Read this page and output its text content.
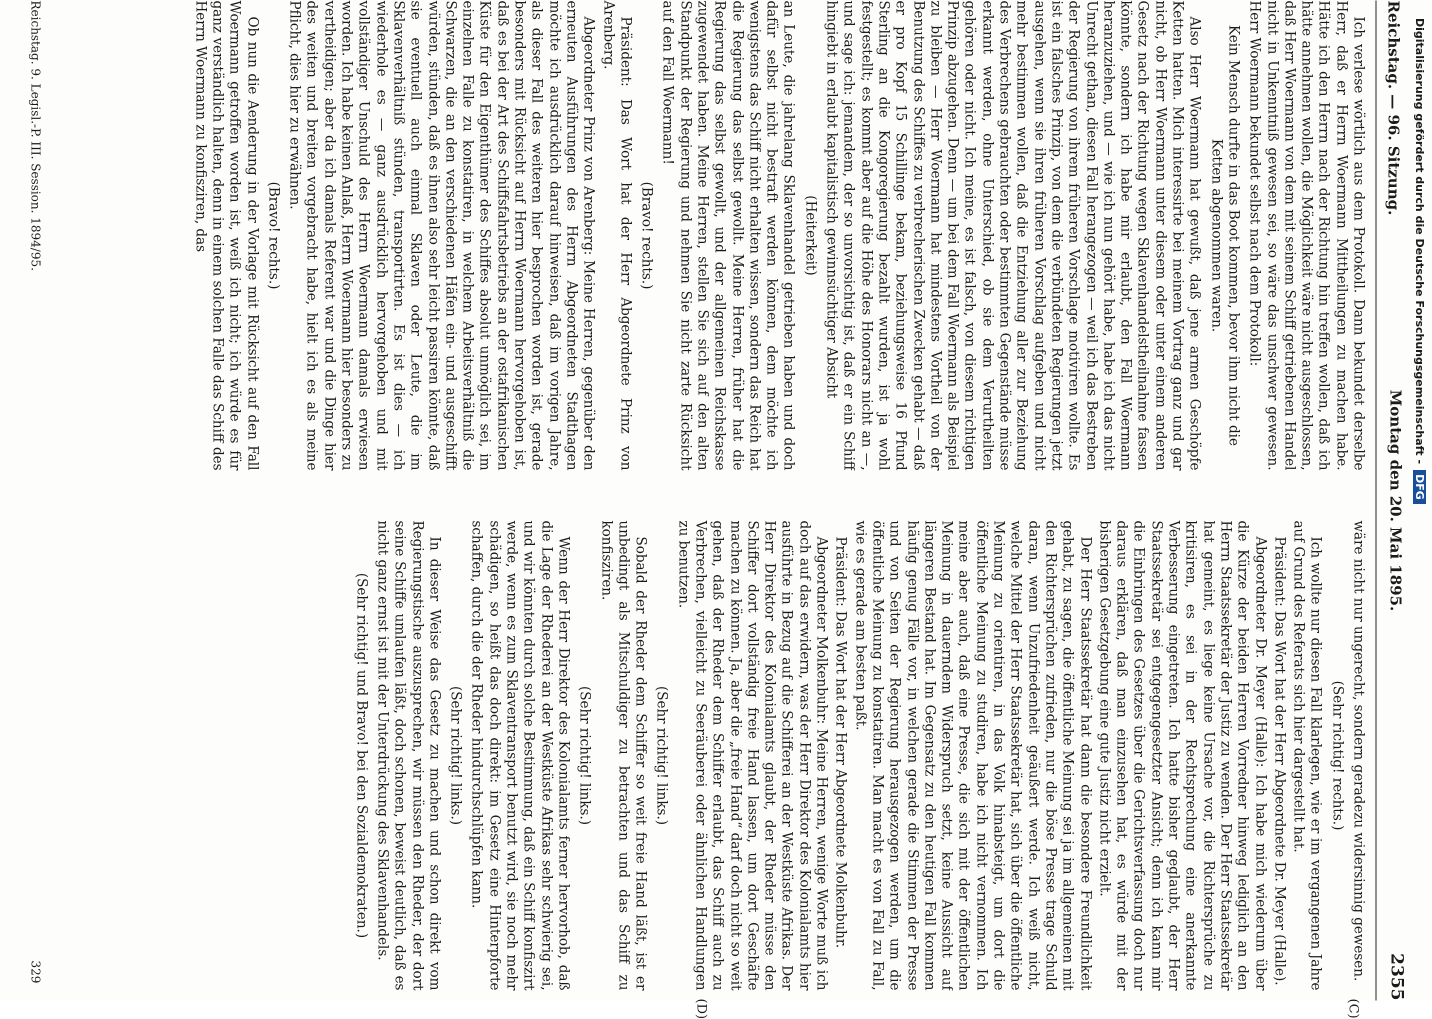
Reichstag. — 96. Sitzung.
Montag den 20. Mai 1895.
2355
(C)
(D)

Ich verlese wörtlich aus dem Protokoll. Dann bekundet derselbe Herr, daß er Herrn Woermann Mittheilungen zu machen habe. Hätte ich den Herrn nach der Richtung hin treffen wollen, daß ich hätte annehmen wollen, die Möglichkeit wäre nicht ausgeschlossen, daß Herr Woermann von dem mit seinem Schiff getriebenen Handel nicht in Unkenntniß gewesen sei, so wäre das unschwer gewesen. Herr Woermann bekundet selbst nach dem Protokoll:

Kein Mensch durfte in das Boot kommen, bevor ihm nicht die Ketten abgenommen waren.

Also Herr Woermann hat gewußt, daß jene armen Geschöpfe Ketten hatten. Mich interessirte bei meinem Vortrag ganz und gar nicht, ob Herr Woermann unter diesem oder unter einem anderen Gesetz nach der Richtung wegen Sklavenhandelstheilnahme fassen könnte, sondern ich habe mir erlaubt, den Fall Woermann heranzuziehen, und — wie ich nun gehört habe, habe ich das nicht Unrecht gethan, diesen Fall herangezogen — weil ich das Bestreben der Regierung von ihrem früheren Vorschlage motiviren wollte. Es ist ein falsches Prinzip, von dem die verbündeten Regierungen jetzt ausgehen, wenn sie ihren früheren Vorschlag aufgeben und nicht mehr bestimmen wollen, daß die Entziehung aller zur Beziehung des Verbrechens gebrauchten oder bestimmten Gegenstände müsse erkannt werden, ohne Unterschied, ob sie dem Verurtheilten gehören oder nicht. Ich meine, es ist falsch, von diesem richtigen Prinzip abzugehen. Denn — um bei dem Fall Woermann als Beispiel zu bleiben — Herr Woermann hat mindestens Vortheil von der Benutzung des Schiffes zu verbrecherischen Zwecken gehabt — daß er pro Kopf 15 Schillinge bekam, beziehungsweise 16 Pfund Sterling an die Kongoregierung bezahlt wurden, ist ja wohl festgestellt; es kommt aber auf die Höhe des Honorars nicht an —, und sage ich: jemandem, der so unvorsichtig ist, daß er ein Schiff hingiebt in erlaubt kapitalistisch gewinnsüchtiger Absicht

(Heiterkeit)

an Leute, die jahrelang Sklavenhandel getrieben haben und doch dafür selbst nicht bestraft werden können, dem möchte ich wenigstens das Schiff nicht erhalten wissen, sondern das Reich hat die Regierung das selbst gewollt. Meine Herren, früher hat die Regierung das selbst gewollt, und der allgemeinen Reichskasse zugewendet haben. Meine Herren, stellen Sie sich auf den alten Standpunkt der Regierung und nehmen Sie nicht zarte Rücksicht auf den Fall Woermann!

(Bravo! rechts.)

Präsident: Das Wort hat der Herr Abgeordnete Prinz von Arenberg.

Abgeordneter Prinz von Arenberg: Meine Herren, gegenüber den erneuten Ausführungen des Herrn Abgeordneten Stadthagen möchte ich ausdrücklich darauf hinweisen, daß im vorigen Jahre, als dieser Fall des weiteren hier besprochen worden ist, gerade besonders mit Rücksicht auf Herrn Woermann hervorgehoben ist, daß es bei der Art des Schiffsfahrtsbetriebs an der ostafrikanischen Küste für den Eigenthümer des Schiffes absolut unmöglich sei, im einzelnen Falle zu konstatiren, in welchem Arbeitsverhältniß die Schwarzen, die an den verschiedenen Häfen ein- und ausgeschifft würden, stünden, daß es ihnen also sehr leicht passiren könnte, daß sie eventuell auch einmal Sklaven oder Leute, die im Sklavenverhältniß stünden, transportirten. Es ist dies — ich wiederhole es — ganz ausdrücklich hervorgehoben und mit vollständiger Unschuld des Herrn Woermann damals erwiesen worden. Ich habe keinen Anlaß, Herrn Woermann hier besonders zu vertheidigen; aber da ich damals Referent war und die Dinge hier des weiten und breiten vorgebracht habe, hielt ich es als meine Pflicht, dies hier zu erwähnen.

(Bravo! rechts.)

Ob nun die Aenderung in der Vorlage mit Rücksicht auf den Fall Woermann getroffen worden ist, weiß ich nicht; ich würde es für ganz verständlich halten, denn in einem solchen Falle das Schiff des Herrn Woermann zu konfisziren, das

wäre nicht nur ungerecht, sondern geradezu widersinnig gewesen.

(Sehr richtig! rechts.)

Ich wollte nur diesen Fall klarlegen, wie er im vergangenen Jahre auf Grund des Referats sich hier dargestellt hat.

Präsident: Das Wort hat der Herr Abgeordnete Dr. Meyer (Halle).

Abgeordneter Dr. Meyer (Halle): Ich habe mich wiederum über die Kürze der beiden Herren Vorredner hinweg lediglich an den Herrn Staatssekretär der Justiz zu wenden. Der Herr Staatssekretär hat gemeint, es liege keine Ursache vor, die Richtersprüche zu kritisiren, es sei in der Rechtsprechung eine anerkannte Verbesserung eingetreten. Ich hatte bisher geglaubt, der Herr Staatssekretär sei entgegengesetzter Ansicht; denn ich kann mir die Einbringen des Gesetzes über die Gerichtsverfassung doch nur daraus erklären, daß man einzusehen hat, es würde mit der bisherigen Gesetzgebung eine gute Justiz nicht erzielt.

Der Herr Staatssekretär hat dann die besondere Freundlichkeit gehabt, zu sagen, die öffentliche Meinung sei ja im allgemeinen mit den Richtersprüchen zufrieden, nur die böse Presse trage Schuld daran, wenn Unzufriedenheit geäußert werde. Ich weiß nicht, welche Mittel der Herr Staatssekretär hat, sich über die öffentliche Meinung zu orientiren, in das Volk hinabsteigt, um dort die öffentliche Meinung zu studiren, habe ich nicht vernommen. Ich meine aber auch, daß eine Presse, die sich mit der öffentlichen Meinung in dauerndem Widerspruch setzt, keine Aussicht auf längeren Bestand hat. Im Gegensatz zu den heutigen Fall kommen häufig genug Fälle vor, in welchen gerade die Stimmen der Presse und von Seiten der Regierung herausgezogen werden, um die öffentliche Meinung zu konstatiren. Man macht es von Fall zu Fall, wie es gerade am besten paßt.

Präsident: Das Wort hat der Herr Abgeordnete Molkenbuhr.

Abgeordneter Molkenbuhr: Meine Herren, wenige Worte muß ich doch auf das erwidern, was der Herr Direktor des Kolonialamts hier ausführte in Bezug auf die Schifferei an der Westküste Afrikas. Der Herr Direktor des Kolonialamts glaubt, der Rheder müsse den Schiffer dort vollständig freie Hand lassen, um dort Geschäfte machen zu können. Ja, aber die „freie Hand“ darf doch nicht so weit gehen, daß der Rheder dem Schiffer erlaubt, das Schiff auch zu Verbrechen, vielleicht zu Seeräuberei oder ähnlichen Handlungen zu benutzen.

(Sehr richtig! links.)

Sobald der Rheder dem Schiffer so weit freie Hand läßt, ist er unbedingt als Mitschuldiger zu betrachten und das Schiff zu konfisziren.

(Sehr richtig! links.)

Wenn der Herr Direktor des Kolonialamts ferner hervorhob, daß die Lage der Rhederei an der Westküste Afrikas sehr schwierig sei, und wir könnten durch solche Bestimmung, daß ein Schiff konfiszirt werde, wenn es zum Sklaventransport benutzt wird, sie noch mehr schädigen, so heißt das doch direkt: im Gesetz eine Hinterpforte schaffen, durch die der Rheder hindurchschlüpfen kann.

(Sehr richtig! links.)

In dieser Weise das Gesetz zu machen und schon direkt vom Regierungstische auszusprechen, wir müssen den Rheder, der dort seine Schiffe umlaufen läßt, doch schonen, beweist deutlich, daß es nicht ganz ernst ist mit der Unterdrückung des Sklavenhandels.

(Sehr richtig! und Bravo! bei den Sozialdemokraten.)

Reichstag. 9. Legisl.-P. III. Session. 1894/95.
329
Digitalisierung gefördert durch die Deutsche Forschungsgemeinschaft -DFG
